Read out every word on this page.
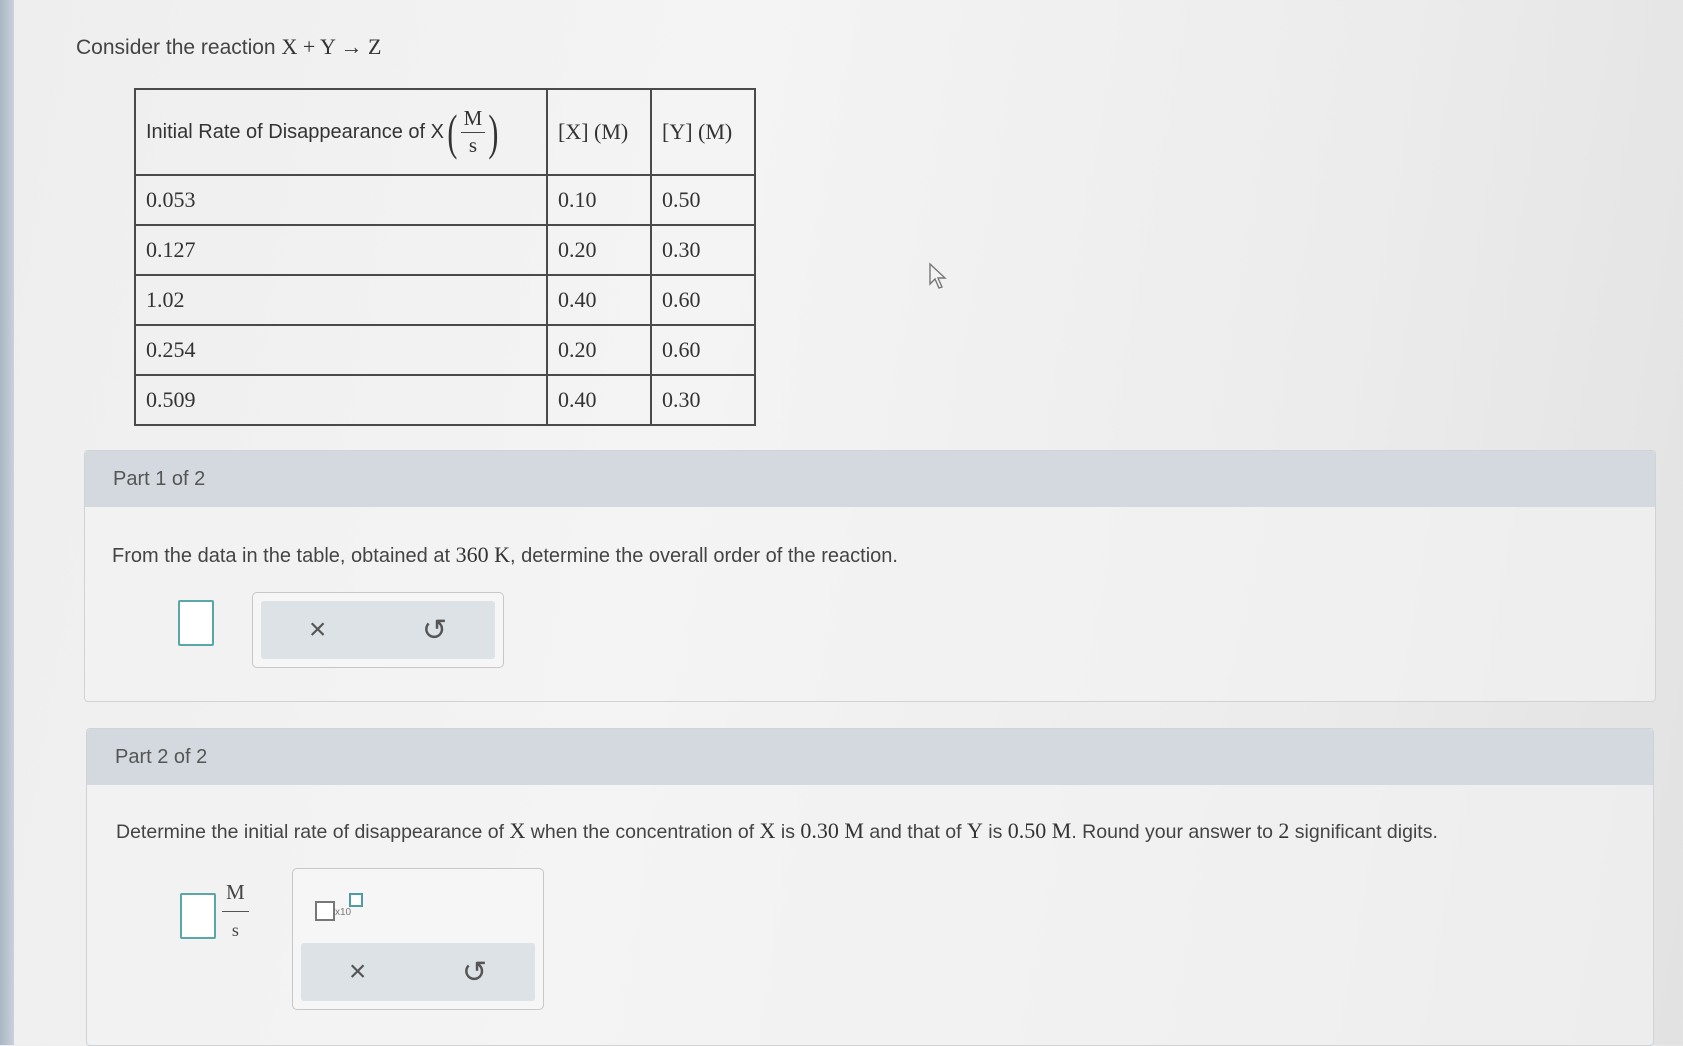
Consider the reaction X + Y → Z
Initial Rate of Disappearance of X ( $\frac{M}{s}$ )	[X] (M)	[Y] (M)
0.053	0.10	0.50
0.127	0.20	0.30
1.02	0.40	0.60
0.254	0.20	0.60
0.509	0.40	0.30
Part 1 of 2
From the data in the table, obtained at 360 K, determine the overall order of the reaction.
×	↺
Part 2 of 2
Determine the initial rate of disappearance of X when the concentration of X is 0.30 M and that of Y is 0.50 M. Round your answer to 2 significant digits.
$\frac{M}{s}$	x10
×	↺
